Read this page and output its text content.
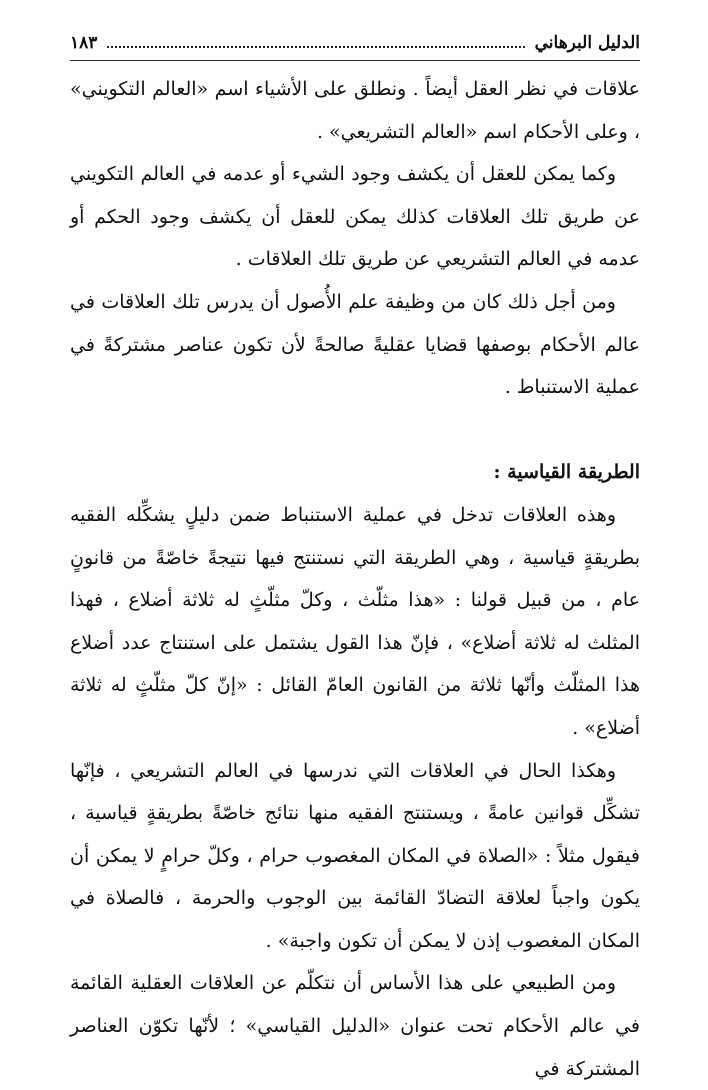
الدليل البرهاني
١٨٣

علاقات في نظر العقل أيضاً . ونطلق على الأشياء اسم «العالم التكويني» ، وعلى الأحكام اسم «العالم التشريعي» .

وكما يمكن للعقل أن يكشف وجود الشيء أو عدمه في العالم التكويني عن طريق تلك العلاقات كذلك يمكن للعقل أن يكشف وجود الحكم أو عدمه في العالم التشريعي عن طريق تلك العلاقات .

ومن أجل ذلك كان من وظيفة علم الأُصول أن يدرس تلك العلاقات في عالم الأحكام بوصفها قضايا عقليةً صالحةً لأن تكون عناصر مشتركةً في عملية الاستنباط .

الطريقة القياسية :

وهذه العلاقات تدخل في عملية الاستنباط ضمن دليلٍ يشكِّله الفقيه بطريقةٍ قياسية ، وهي الطريقة التي نستنتج فيها نتيجةً خاصّةً من قانونٍ عام ، من قبيل قولنا : «هذا مثلّث ، وكلّ مثلّثٍ له ثلاثة أضلاع ، فهذا المثلث له ثلاثة أضلاع» ، فإنّ هذا القول يشتمل على استنتاج عدد أضلاع هذا المثلّث وأنّها ثلاثة من القانون العامّ القائل : «إنّ كلّ مثلّثٍ له ثلاثة أضلاع» .

وهكذا الحال في العلاقات التي ندرسها في العالم التشريعي ، فإنّها تشكِّل قوانين عامةً ، ويستنتج الفقيه منها نتائج خاصّةً بطريقةٍ قياسية ، فيقول مثلاً : «الصلاة في المكان المغصوب حرام ، وكلّ حرامٍ لا يمكن أن يكون واجباً لعلاقة التضادّ القائمة بين الوجوب والحرمة ، فالصلاة في المكان المغصوب إذن لا يمكن أن تكون واجبة» .

ومن الطبيعي على هذا الأساس أن نتكلّم عن العلاقات العقلية القائمة في عالم الأحكام تحت عنوان «الدليل القياسي» ؛ لأنّها تكوّن العناصر المشتركة في
